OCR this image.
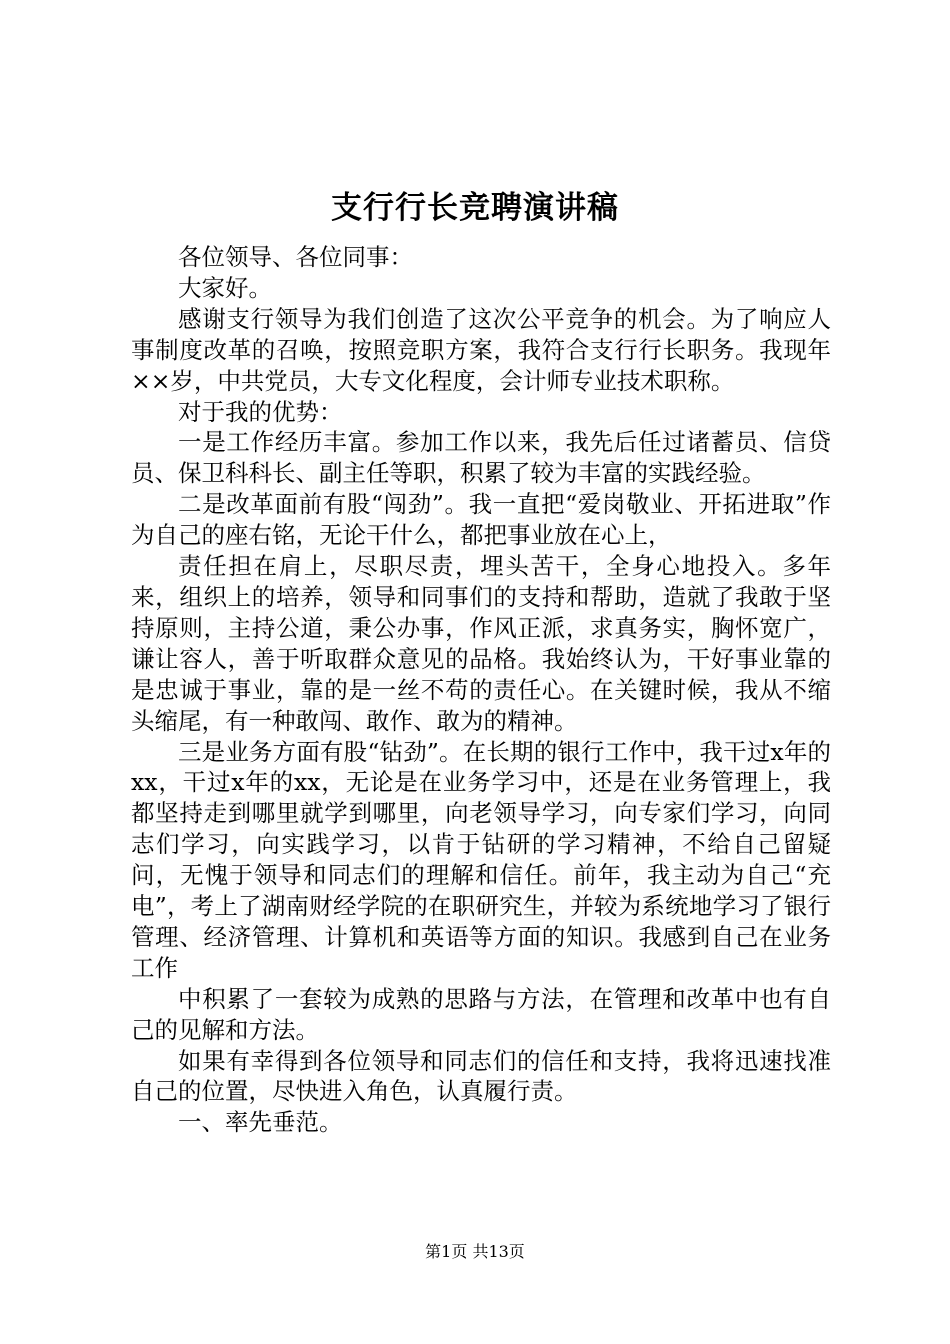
支行行长竞聘演讲稿

各位领导、各位同事：

大家好。

感谢支行领导为我们创造了这次公平竞争的机会。为了响应人事制度改革的召唤，按照竞职方案，我符合支行行长职务。我现年××岁，中共党员，大专文化程度，会计师专业技术职称。

对于我的优势：

一是工作经历丰富。参加工作以来，我先后任过诸蓄员、信贷员、保卫科科长、副主任等职，积累了较为丰富的实践经验。

二是改革面前有股“闯劲”。我一直把“爱岗敬业、开拓进取”作为自己的座右铭，无论干什么，都把事业放在心上，

责任担在肩上，尽职尽责，埋头苦干，全身心地投入。多年来，组织上的培养，领导和同事们的支持和帮助，造就了我敢于坚持原则，主持公道，秉公办事，作风正派，求真务实，胸怀宽广，谦让容人，善于听取群众意见的品格。我始终认为，干好事业靠的是忠诚于事业，靠的是一丝不苟的责任心。在关键时候，我从不缩头缩尾，有一种敢闯、敢作、敢为的精神。

三是业务方面有股“钻劲”。在长期的银行工作中，我干过x年的xx，干过x年的xx，无论是在业务学习中，还是在业务管理上，我都坚持走到哪里就学到哪里，向老领导学习，向专家们学习，向同志们学习，向实践学习，以肯于钻研的学习精神，不给自己留疑问，无愧于领导和同志们的理解和信任。前年，我主动为自己“充电”，考上了湖南财经学院的在职研究生，并较为系统地学习了银行管理、经济管理、计算机和英语等方面的知识。我感到自己在业务工作

中积累了一套较为成熟的思路与方法，在管理和改革中也有自己的见解和方法。

如果有幸得到各位领导和同志们的信任和支持，我将迅速找准自己的位置，尽快进入角色，认真履行责。

一、率先垂范。

第1页 共13页
